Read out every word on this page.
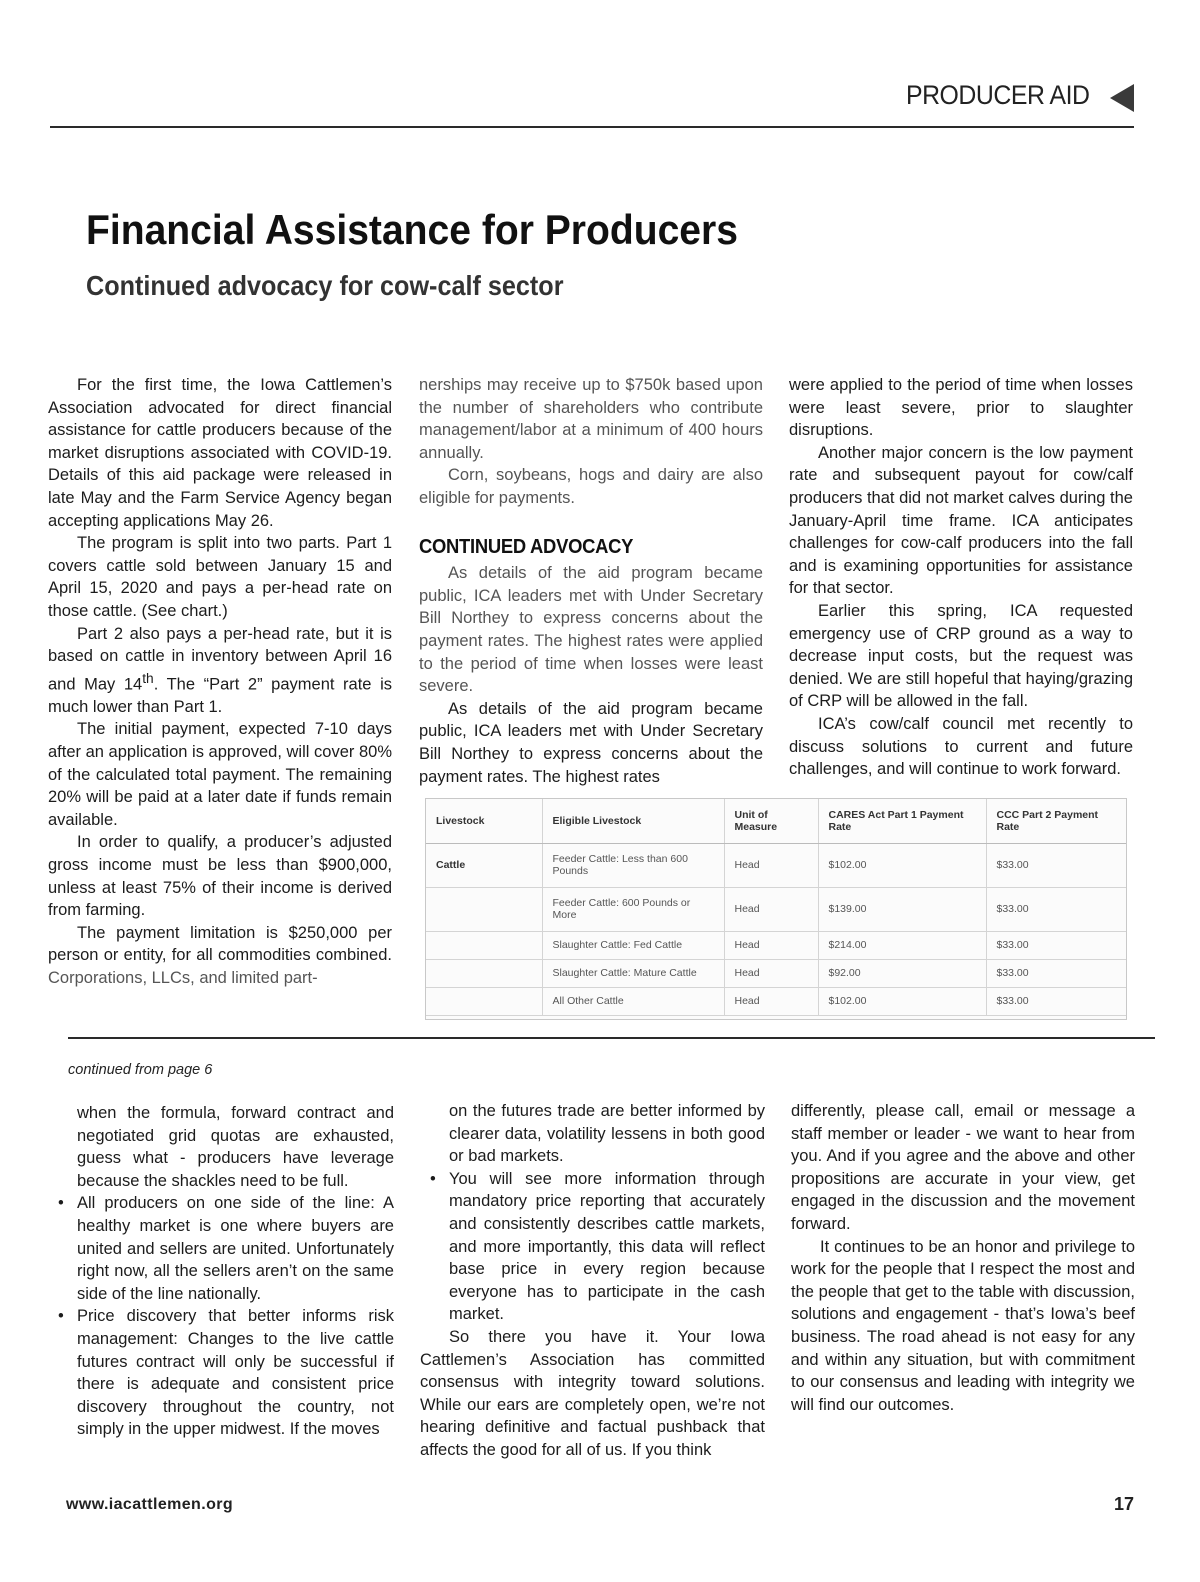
PRODUCER AID
Financial Assistance for Producers
Continued advocacy for cow-calf sector

For the first time, the Iowa Cattlemen’s Association advocated for direct financial assistance for cattle producers because of the market disruptions associated with COVID-19. Details of this aid package were released in late May and the Farm Service Agency began accepting applications May 26.

The program is split into two parts. Part 1 covers cattle sold between January 15 and April 15, 2020 and pays a per-head rate on those cattle. (See chart.)

Part 2 also pays a per-head rate, but it is based on cattle in inventory between April 16 and May 14th. The “Part 2” payment rate is much lower than Part 1.

The initial payment, expected 7-10 days after an application is approved, will cover 80% of the calculated total payment. The remaining 20% will be paid at a later date if funds remain available.

In order to qualify, a producer’s adjusted gross income must be less than $900,000, unless at least 75% of their income is derived from farming.

The payment limitation is $250,000 per person or entity, for all commodities combined. Corporations, LLCs, and limited part-

nerships may receive up to $750k based upon the number of shareholders who contribute management/labor at a minimum of 400 hours annually.

Corn, soybeans, hogs and dairy are also eligible for payments.

CONTINUED ADVOCACY

As details of the aid program became public, ICA leaders met with Under Secretary Bill Northey to express concerns about the payment rates. The highest rates were applied to the period of time when losses were least severe.

As details of the aid program became public, ICA leaders met with Under Secretary Bill Northey to express concerns about the payment rates. The highest rates

were applied to the period of time when losses were least severe, prior to slaughter disruptions.

Another major concern is the low payment rate and subsequent payout for cow/calf producers that did not market calves during the January-April time frame. ICA anticipates challenges for cow-calf producers into the fall and is examining opportunities for assistance for that sector.

Earlier this spring, ICA requested emergency use of CRP ground as a way to decrease input costs, but the request was denied. We are still hopeful that haying/grazing of CRP will be allowed in the fall.

ICA’s cow/calf council met recently to discuss solutions to current and future challenges, and will continue to work forward.

Livestock	Eligible Livestock	Unit of Measure	CARES Act Part 1 Payment Rate	CCC Part 2 Payment Rate
Cattle	Feeder Cattle: Less than 600 Pounds	Head	$102.00	$33.00
	Feeder Cattle: 600 Pounds or More	Head	$139.00	$33.00
	Slaughter Cattle: Fed Cattle	Head	$214.00	$33.00
	Slaughter Cattle: Mature Cattle	Head	$92.00	$33.00
	All Other Cattle	Head	$102.00	$33.00
continued from page 6

when the formula, forward contract and negotiated grid quotas are exhausted, guess what - producers have leverage because the shackles need to be full.

• All producers on one side of the line: A healthy market is one where buyers are united and sellers are united. Unfortunately right now, all the sellers aren’t on the same side of the line nationally.

• Price discovery that better informs risk management: Changes to the live cattle futures contract will only be successful if there is adequate and consistent price discovery throughout the country, not simply in the upper midwest. If the moves

on the futures trade are better informed by clearer data, volatility lessens in both good or bad markets.

• You will see more information through mandatory price reporting that accurately and consistently describes cattle markets, and more importantly, this data will reflect base price in every region because everyone has to participate in the cash market.

So there you have it. Your Iowa Cattlemen’s Association has committed consensus with integrity toward solutions. While our ears are completely open, we’re not hearing definitive and factual pushback that affects the good for all of us. If you think

differently, please call, email or message a staff member or leader - we want to hear from you. And if you agree and the above and other propositions are accurate in your view, get engaged in the discussion and the movement forward.

It continues to be an honor and privilege to work for the people that I respect the most and the people that get to the table with discussion, solutions and engagement - that’s Iowa’s beef business. The road ahead is not easy for any and within any situation, but with commitment to our consensus and leading with integrity we will find our outcomes.

www.iacattlemen.org	17
